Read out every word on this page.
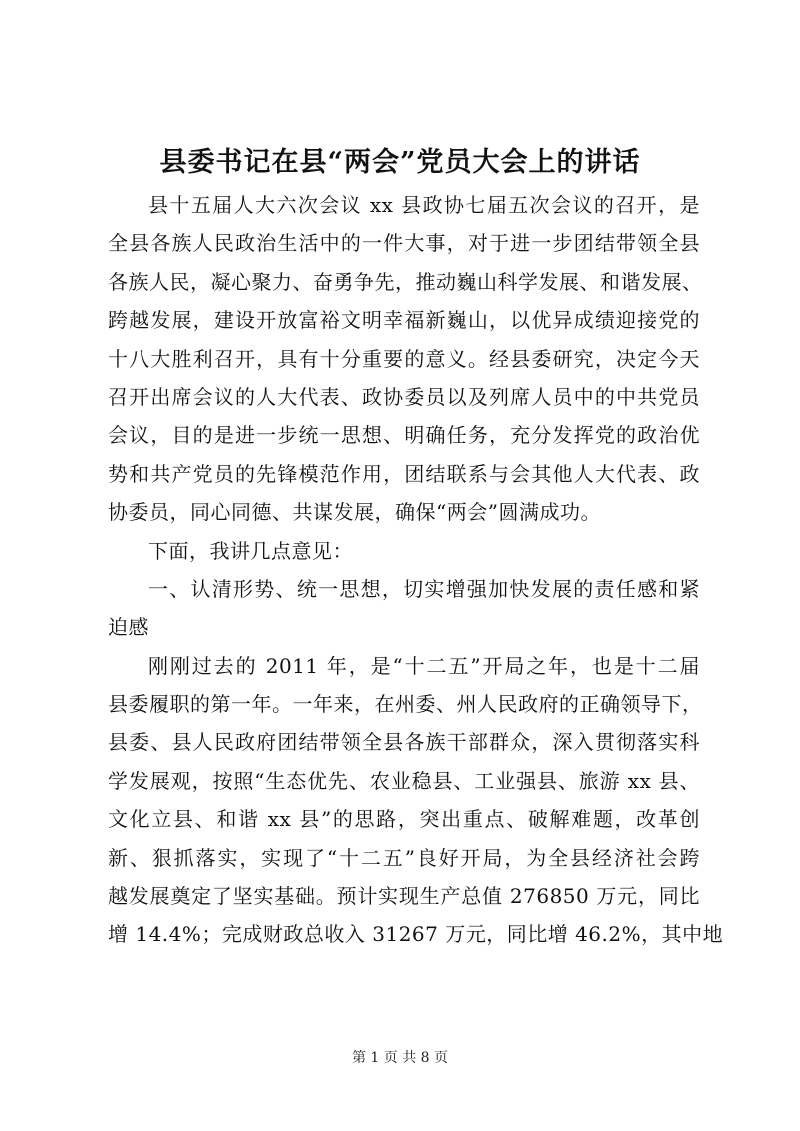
县委书记在县“两会”党员大会上的讲话
县十五届人大六次会议 xx 县政协七届五次会议的召开，是
全县各族人民政治生活中的一件大事，对于进一步团结带领全县
各族人民，凝心聚力、奋勇争先，推动巍山科学发展、和谐发展、
跨越发展，建设开放富裕文明幸福新巍山，以优异成绩迎接党的
十八大胜利召开，具有十分重要的意义。经县委研究，决定今天
召开出席会议的人大代表、政协委员以及列席人员中的中共党员
会议，目的是进一步统一思想、明确任务，充分发挥党的政治优
势和共产党员的先锋模范作用，团结联系与会其他人大代表、政
协委员，同心同德、共谋发展，确保“两会”圆满成功。
下面，我讲几点意见：
一、认清形势、统一思想，切实增强加快发展的责任感和紧
迫感
刚刚过去的 2011 年，是“十二五”开局之年，也是十二届
县委履职的第一年。一年来，在州委、州人民政府的正确领导下，
县委、县人民政府团结带领全县各族干部群众，深入贯彻落实科
学发展观，按照“生态优先、农业稳县、工业强县、旅游 xx 县、
文化立县、和谐 xx 县”的思路，突出重点、破解难题，改革创
新、狠抓落实，实现了“十二五”良好开局，为全县经济社会跨
越发展奠定了坚实基础。预计实现生产总值 276850 万元，同比
增 14.4%；完成财政总收入 31267 万元，同比增 46.2%，其中地
第 1 页 共 8 页
